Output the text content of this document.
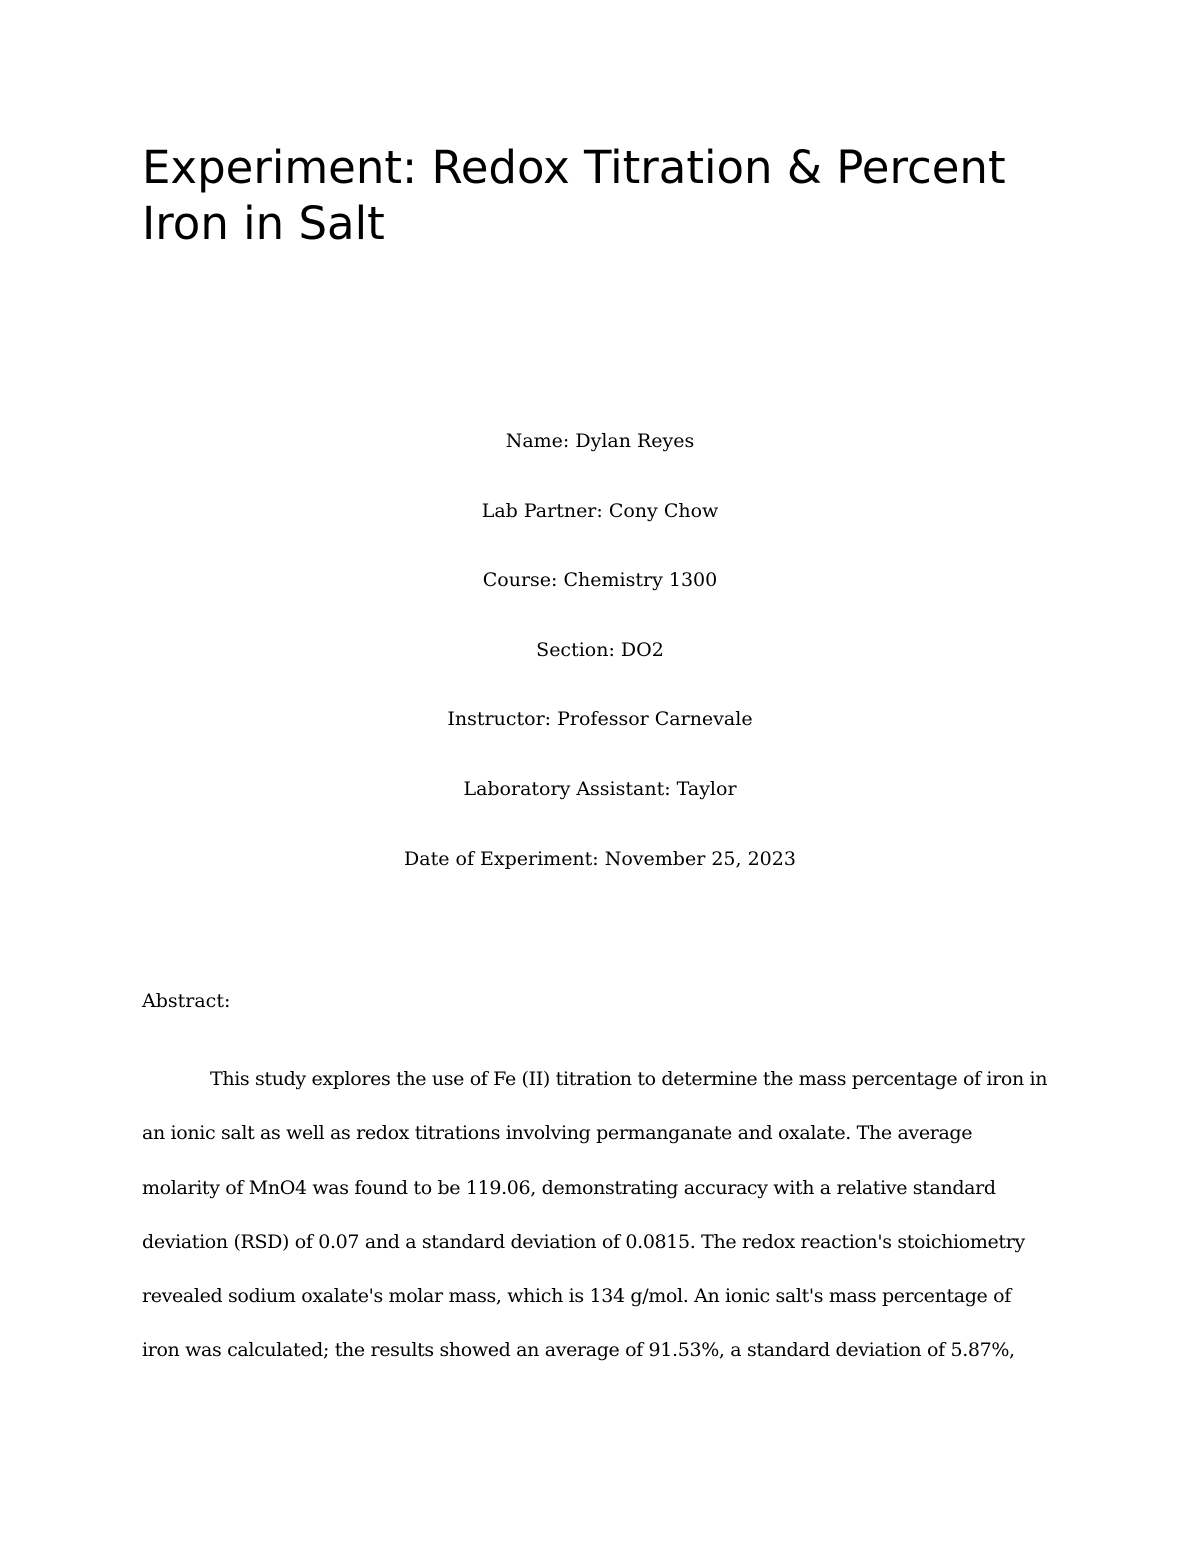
Experiment: Redox Titration & Percent Iron in Salt

Name: Dylan Reyes

Lab Partner: Cony Chow

Course: Chemistry 1300

Section: DO2

Instructor: Professor Carnevale

Laboratory Assistant: Taylor

Date of Experiment: November 25, 2023

Abstract:
This study explores the use of Fe (II) titration to determine the mass percentage of iron in
an ionic salt as well as redox titrations involving permanganate and oxalate. The average
molarity of MnO4 was found to be 119.06, demonstrating accuracy with a relative standard
deviation (RSD) of 0.07 and a standard deviation of 0.0815. The redox reaction's stoichiometry
revealed sodium oxalate's molar mass, which is 134 g/mol. An ionic salt's mass percentage of
iron was calculated; the results showed an average of 91.53%, a standard deviation of 5.87%,
